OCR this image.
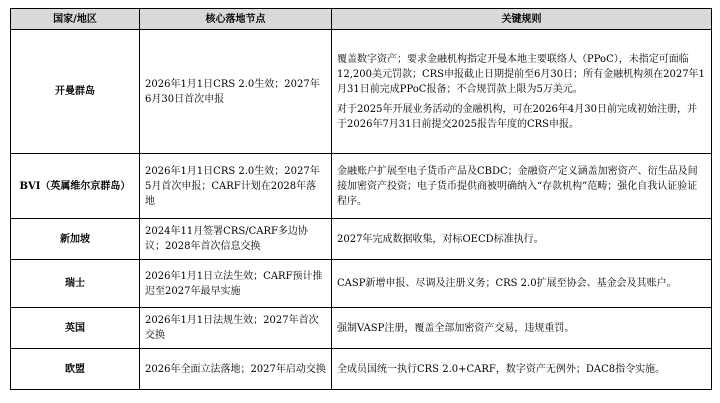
国家/地区	核心落地节点	关键规则
开曼群岛	2026年1月1日CRS 2.0生效；2027年6月30日首次申报	覆盖数字资产；要求金融机构指定开曼本地主要联络人（PPoC），未指定可面临12,200美元罚款；CRS申报截止日期提前至6月30日；所有金融机构须在2027年1月31日前完成PPoC报备；不合规罚款上限为5万美元。

对于2025年开展业务活动的金融机构，可在2026年4月30日前完成初始注册，并于2026年7月31日前提交2025报告年度的CRS申报。

BVI（英属维尔京群岛）	2026年1月1日CRS 2.0生效；2027年5月首次申报；CARF计划在2028年落地	金融账户扩展至电子货币产品及CBDC；金融资产定义涵盖加密资产、衍生品及间接加密资产投资；电子货币提供商被明确纳入“存款机构”范畴；强化自我认证验证程序。

新加坡	2024年11月签署CRS/CARF多边协议；2028年首次信息交换	2027年完成数据收集，对标OECD标准执行。

瑞士	2026年1月1日立法生效；CARF预计推迟至2027年最早实施	CASP新增申报、尽调及注册义务；CRS 2.0扩展至协会、基金会及其账户。

英国	2026年1月1日法规生效；2027年首次交换	强制VASP注册，覆盖全部加密资产交易，违规重罚。

欧盟	2026年全面立法落地；2027年启动交换	全成员国统一执行CRS 2.0+CARF，数字资产无例外；DAC8指令实施。
